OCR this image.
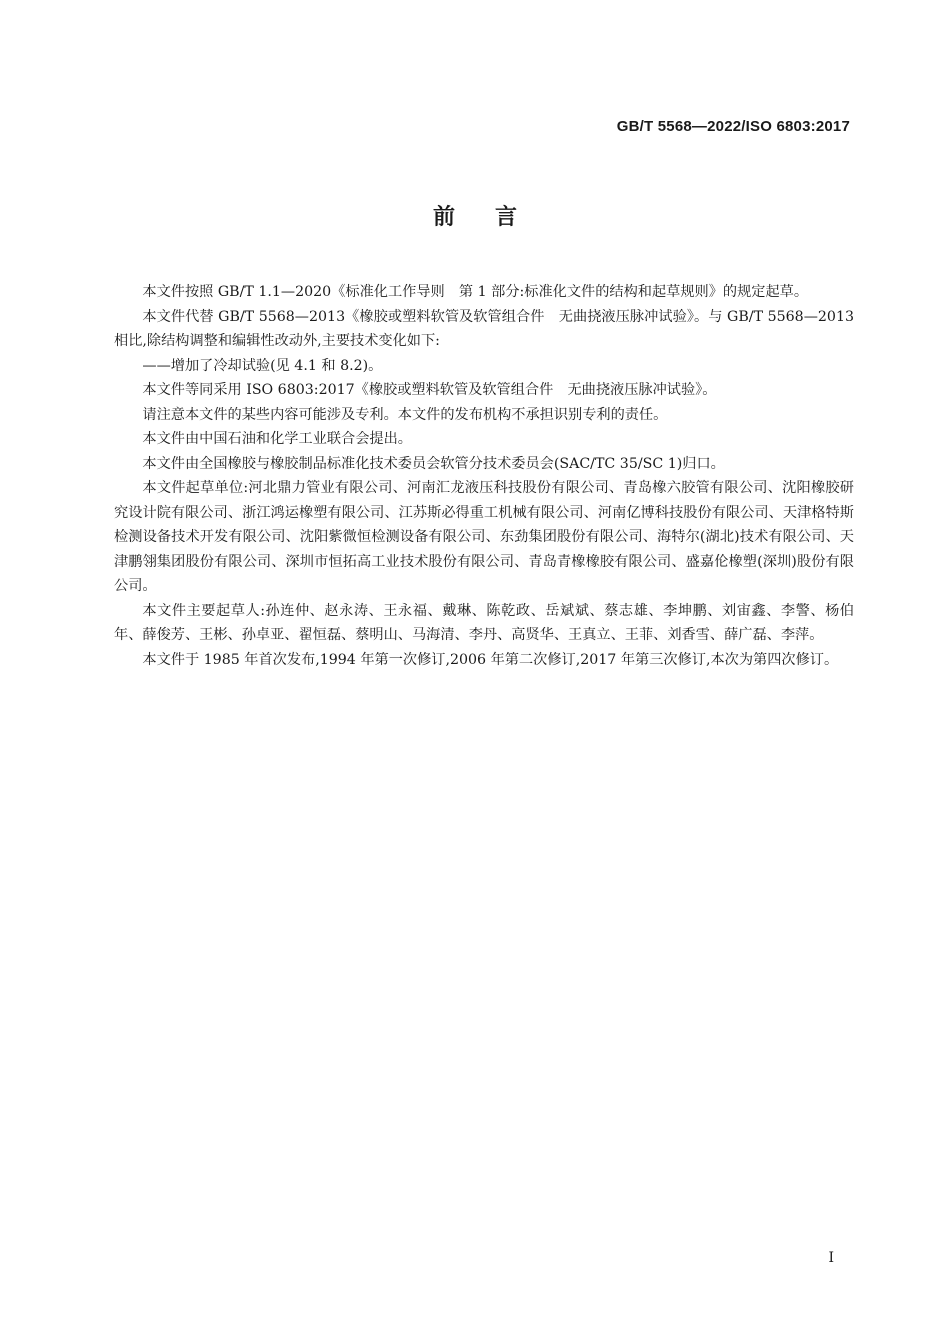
GB/T 5568—2022/ISO 6803:2017
前言

本文件按照 GB/T 1.1—2020《标准化工作导则　第 1 部分:标准化文件的结构和起草规则》的规定起草。

本文件代替 GB/T 5568—2013《橡胶或塑料软管及软管组合件　无曲挠液压脉冲试验》。与 GB/T 5568—2013 相比,除结构调整和编辑性改动外,主要技术变化如下:

——增加了冷却试验(见 4.1 和 8.2)。

本文件等同采用 ISO 6803:2017《橡胶或塑料软管及软管组合件　无曲挠液压脉冲试验》。

请注意本文件的某些内容可能涉及专利。本文件的发布机构不承担识别专利的责任。

本文件由中国石油和化学工业联合会提出。

本文件由全国橡胶与橡胶制品标准化技术委员会软管分技术委员会(SAC/TC 35/SC 1)归口。

本文件起草单位:河北鼎力管业有限公司、河南汇龙液压科技股份有限公司、青岛橡六胶管有限公司、沈阳橡胶研究设计院有限公司、浙江鸿运橡塑有限公司、江苏斯必得重工机械有限公司、河南亿博科技股份有限公司、天津格特斯检测设备技术开发有限公司、沈阳紫微恒检测设备有限公司、东劲集团股份有限公司、海特尔(湖北)技术有限公司、天津鹏翎集团股份有限公司、深圳市恒拓高工业技术股份有限公司、青岛青橡橡胶有限公司、盛嘉伦橡塑(深圳)股份有限公司。

本文件主要起草人:孙连仲、赵永涛、王永福、戴琳、陈乾政、岳斌斌、蔡志雄、李坤鹏、刘宙鑫、李警、杨伯年、薛俊芳、王彬、孙卓亚、翟恒磊、蔡明山、马海清、李丹、高贤华、王真立、王菲、刘香雪、薛广磊、李萍。

本文件于 1985 年首次发布,1994 年第一次修订,2006 年第二次修订,2017 年第三次修订,本次为第四次修订。

I
